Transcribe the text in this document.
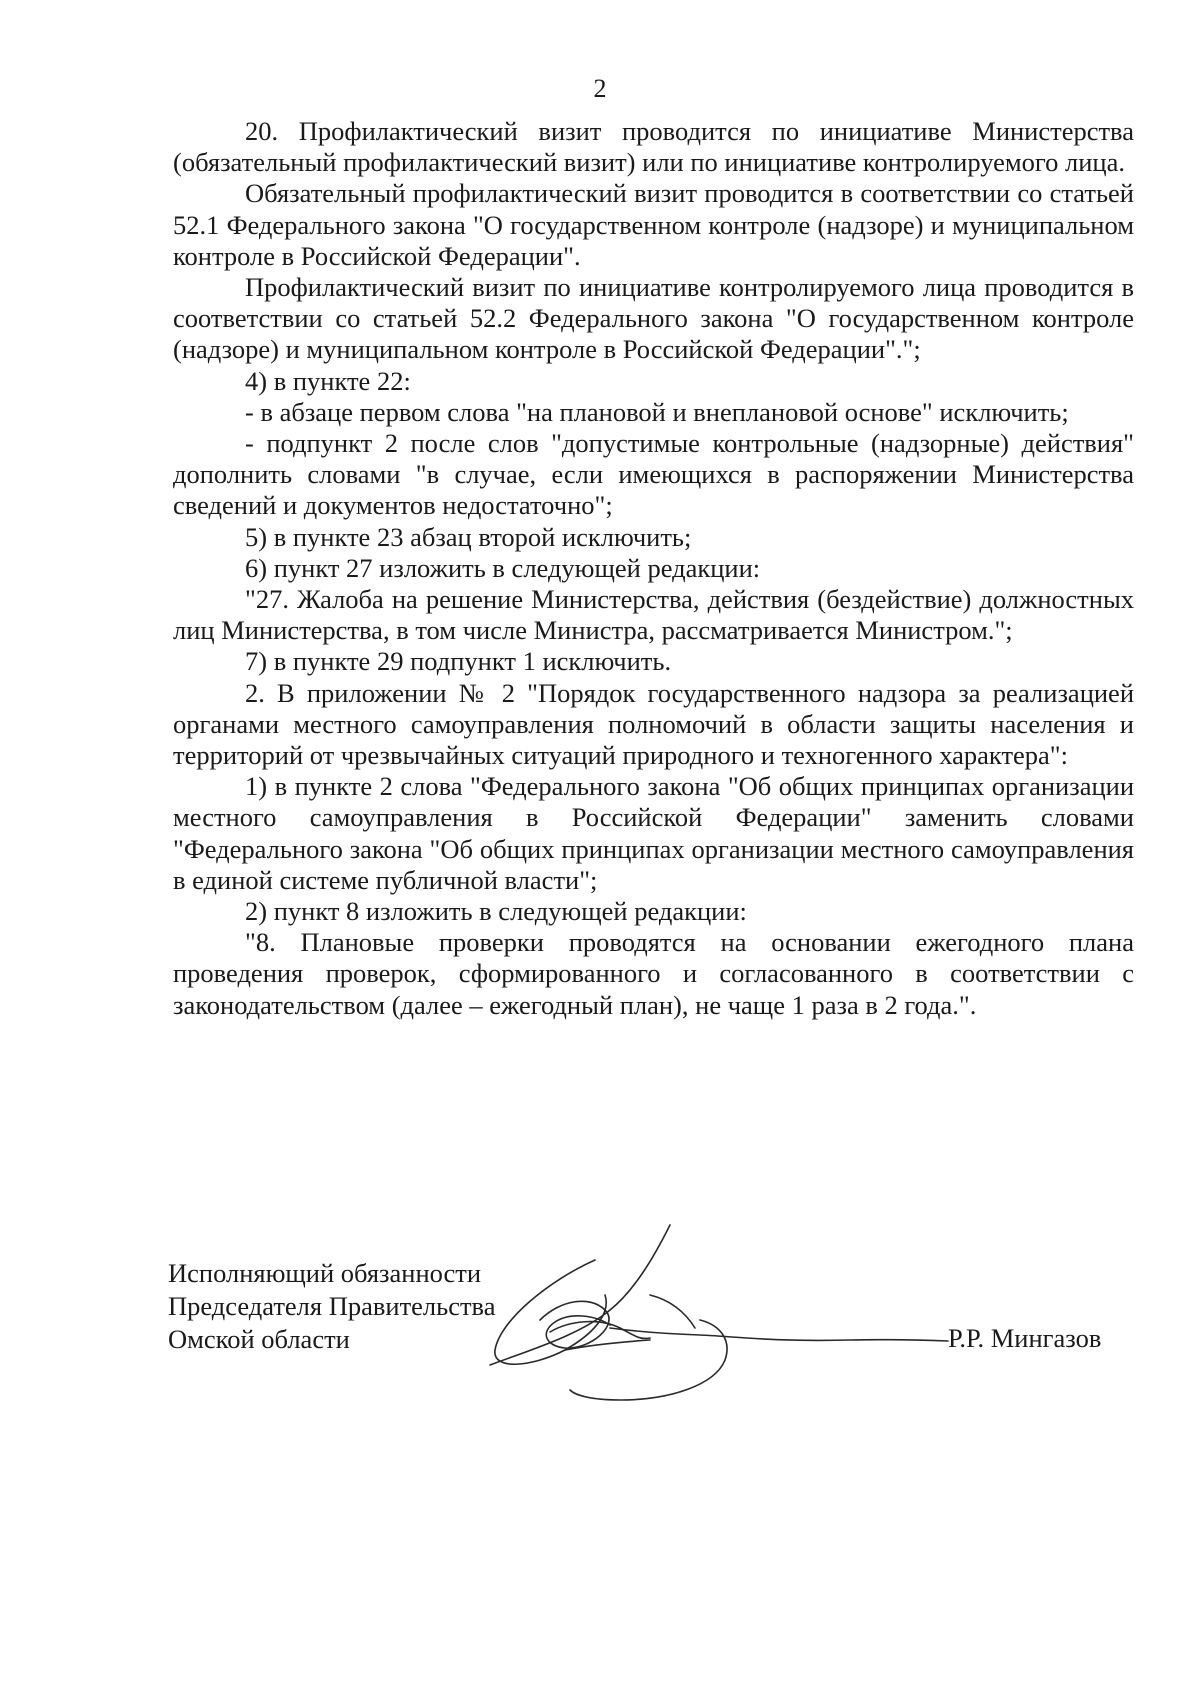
2

20. Профилактический визит проводится по инициативе Министерства (обязательный профилактический визит) или по инициативе контролируемого лица.

Обязательный профилактический визит проводится в соответствии со статьей 52.1 Федерального закона "О государственном контроле (надзоре) и муниципальном контроле в Российской Федерации".

Профилактический визит по инициативе контролируемого лица проводится в соответствии со статьей 52.2 Федерального закона "О государственном контроле (надзоре) и муниципальном контроле в Российской Федерации".";

4) в пункте 22:

- в абзаце первом слова "на плановой и внеплановой основе" исключить;

- подпункт 2 после слов "допустимые контрольные (надзорные) действия" дополнить словами "в случае, если имеющихся в распоряжении Министерства сведений и документов недостаточно";

5) в пункте 23 абзац второй исключить;

6) пункт 27 изложить в следующей редакции:

"27. Жалоба на решение Министерства, действия (бездействие) должностных лиц Министерства, в том числе Министра, рассматривается Министром.";

7) в пункте 29 подпункт 1 исключить.

2. В приложении № 2 "Порядок государственного надзора за реализацией органами местного самоуправления полномочий в области защиты населения и территорий от чрезвычайных ситуаций природного и техногенного характера":

1) в пункте 2 слова "Федерального закона "Об общих принципах организации местного самоуправления в Российской Федерации" заменить словами "Федерального закона "Об общих принципах организации местного самоуправления в единой системе публичной власти";

2) пункт 8 изложить в следующей редакции:

"8. Плановые проверки проводятся на основании ежегодного плана проведения проверок, сформированного и согласованного в соответствии с законодательством (далее – ежегодный план), не чаще 1 раза в 2 года.".

Исполняющий обязанности
Председателя Правительства
Омской области	Р.Р. Мингазов
